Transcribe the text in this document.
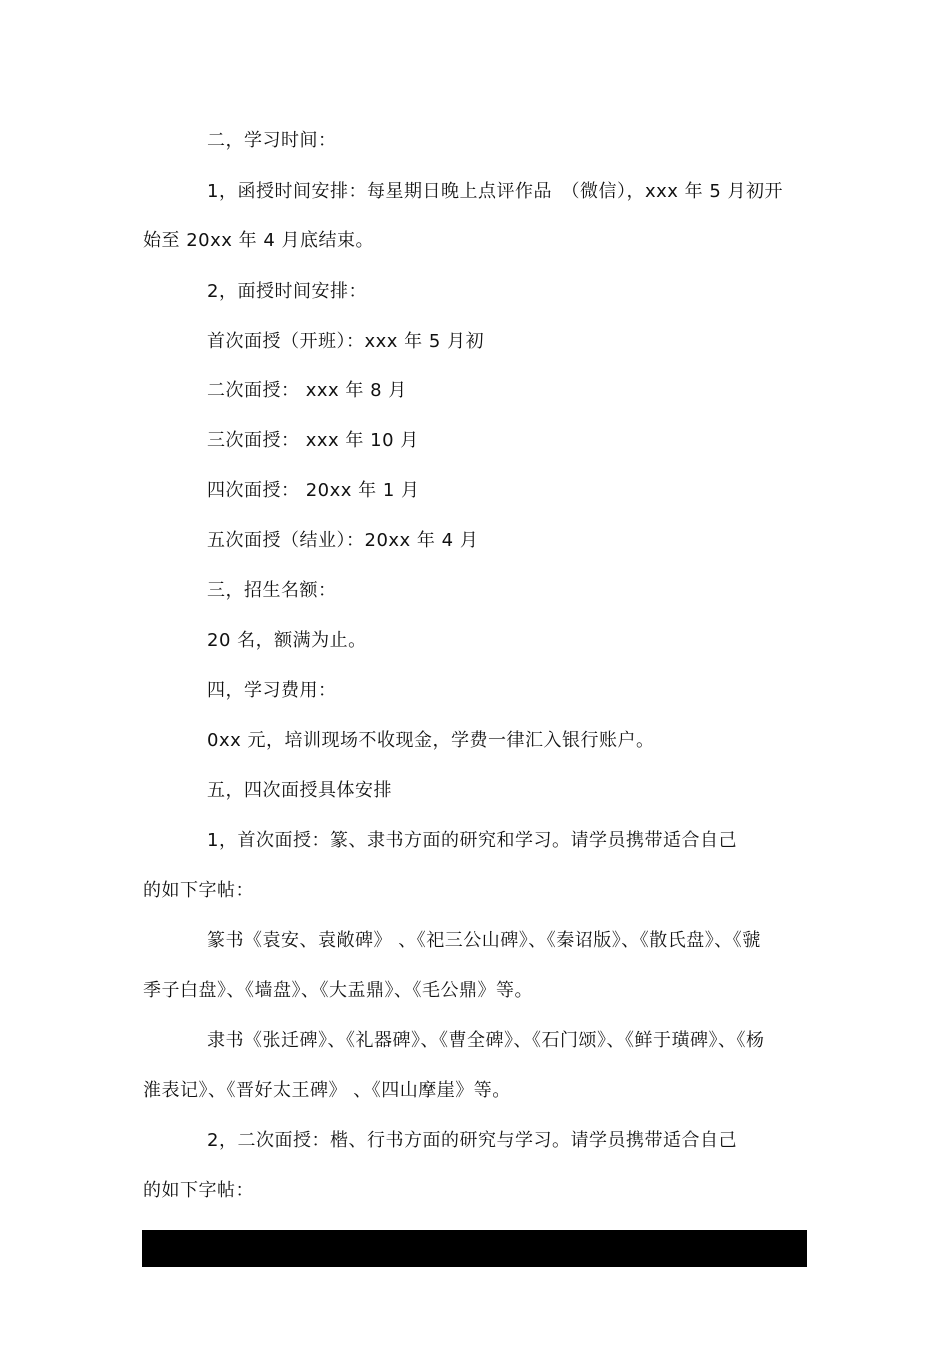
二，学习时间：
1，函授时间安排：每星期日晚上点评作品　（微信），xxx 年 5 月初开
始至 20xx 年 4 月底结束。
2，面授时间安排：
首次面授（开班）：xxx 年 5 月初
二次面授： xxx 年 8 月
三次面授： xxx 年 10 月
四次面授： 20xx 年 1 月
五次面授（结业）：20xx 年 4 月
三，招生名额：
20 名，额满为止。
四，学习费用：
0xx 元，培训现场不收现金，学费一律汇入银行账户。
五，四次面授具体安排
1，首次面授：篆、隶书方面的研究和学习。请学员携带适合自己
的如下字帖：
篆书《袁安、袁敞碑》 、《祀三公山碑》、《秦诏版》、《散氏盘》、《虢
季子白盘》、《墙盘》、《大盂鼎》、《毛公鼎》等。
隶书《张迁碑》、《礼器碑》、《曹全碑》、《石门颂》、《鲜于璜碑》、《杨
淮表记》、《晋好太王碑》 、《四山摩崖》等。
2，二次面授：楷、行书方面的研究与学习。请学员携带适合自己
的如下字帖：
